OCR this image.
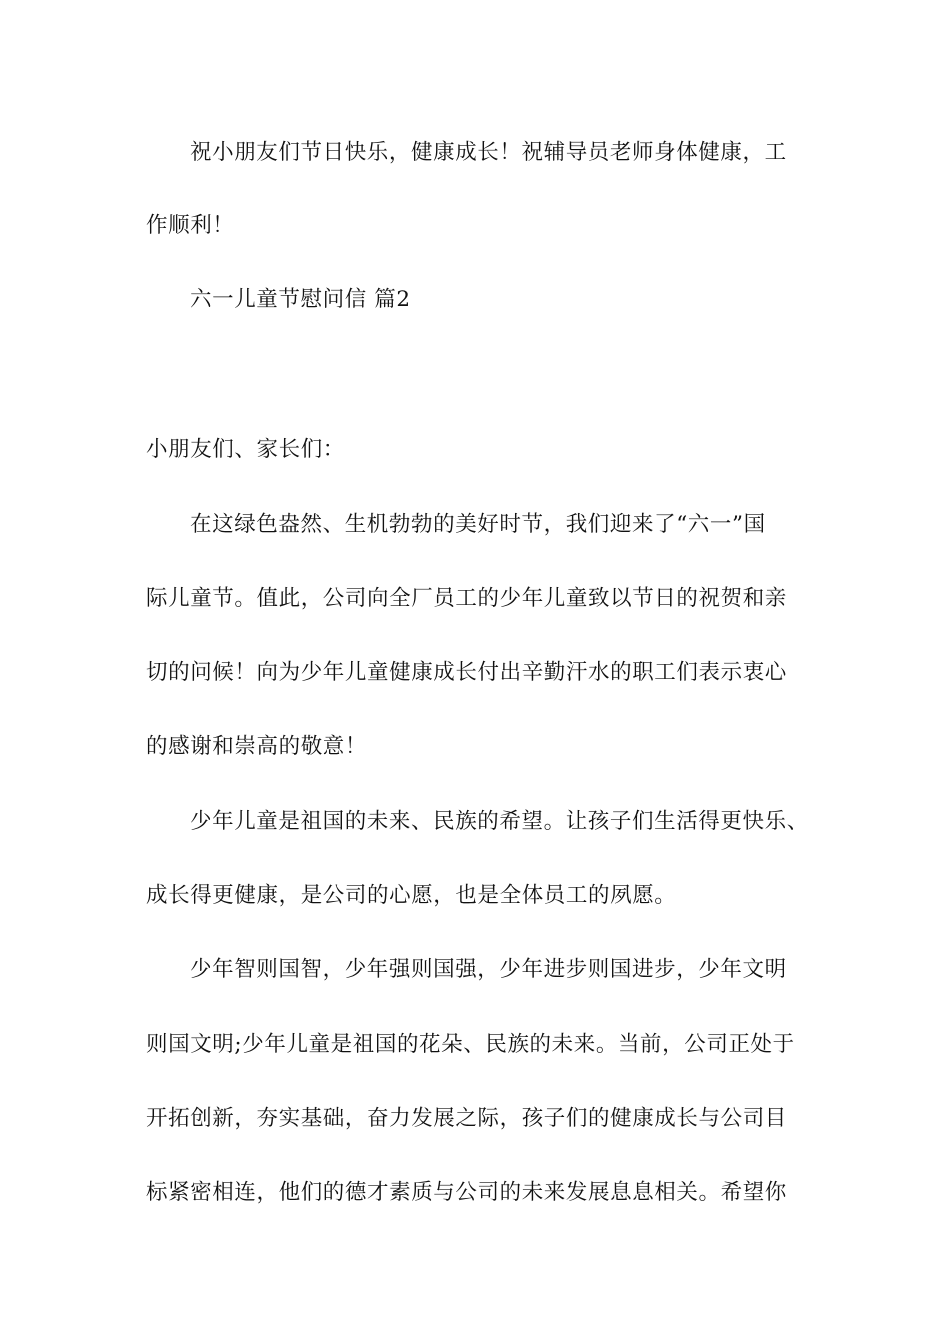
祝小朋友们节日快乐，健康成长！祝辅导员老师身体健康，工
作顺利！
六一儿童节慰问信 篇2
小朋友们、家长们：
在这绿色盎然、生机勃勃的美好时节，我们迎来了“六一”国
际儿童节。值此，公司向全厂员工的少年儿童致以节日的祝贺和亲
切的问候！向为少年儿童健康成长付出辛勤汗水的职工们表示衷心
的感谢和崇高的敬意！
少年儿童是祖国的未来、民族的希望。让孩子们生活得更快乐、
成长得更健康，是公司的心愿，也是全体员工的夙愿。
少年智则国智，少年强则国强，少年进步则国进步，少年文明
则国文明;少年儿童是祖国的花朵、民族的未来。当前，公司正处于
开拓创新，夯实基础，奋力发展之际，孩子们的健康成长与公司目
标紧密相连，他们的德才素质与公司的未来发展息息相关。希望你
